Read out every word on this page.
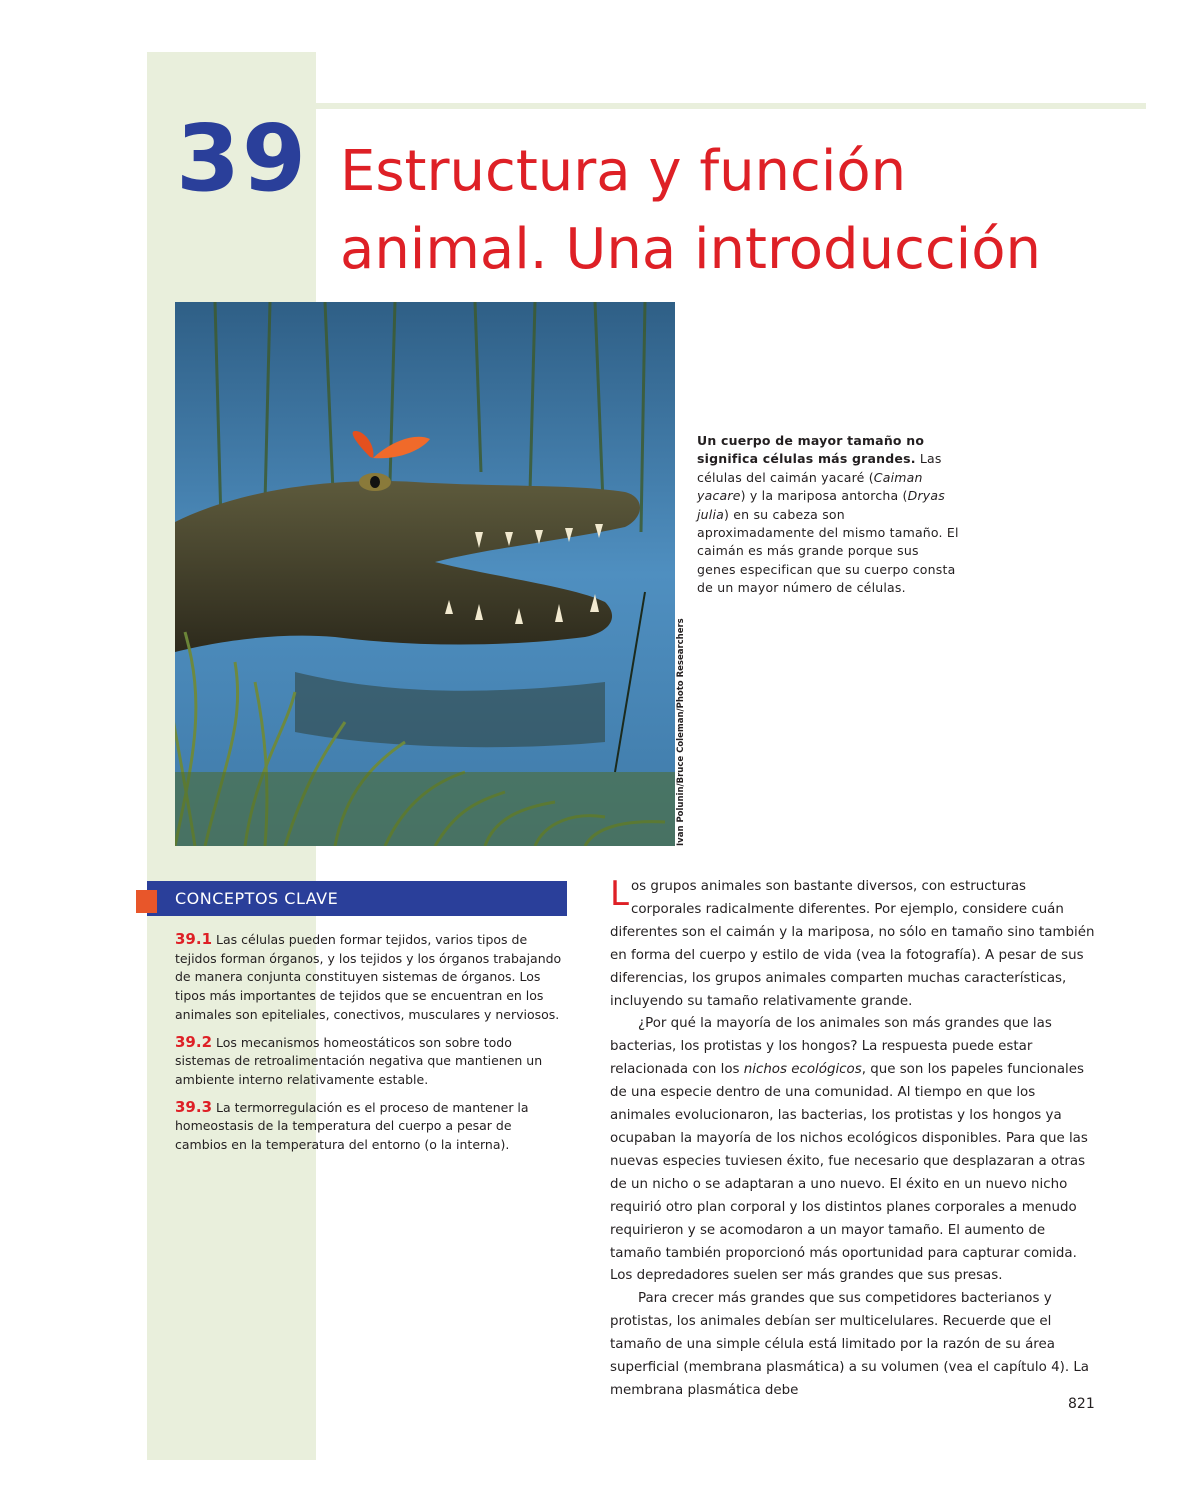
39 Estructura y función
animal. Una introducción
Ivan Polunin/Bruce Coleman/Photo Researchers
Un cuerpo de mayor tamaño no significa células más grandes. Las células del caimán yacaré (Caiman yacare) y la mariposa antorcha (Dryas julia) en su cabeza son aproximadamente del mismo tamaño. El caimán es más grande porque sus genes especifican que su cuerpo consta de un mayor número de células.
CONCEPTOS CLAVE
39.1 Las células pueden formar tejidos, varios tipos de tejidos forman órganos, y los tejidos y los órganos trabajando de manera conjunta constituyen sistemas de órganos. Los tipos más importantes de tejidos que se encuentran en los animales son epiteliales, conectivos, musculares y nerviosos.
39.2 Los mecanismos homeostáticos son sobre todo sistemas de retroalimentación negativa que mantienen un ambiente interno relativamente estable.
39.3 La termorregulación es el proceso de mantener la homeostasis de la temperatura del cuerpo a pesar de cambios en la temperatura del entorno (o la interna).

Los grupos animales son bastante diversos, con estructuras corporales radicalmente diferentes. Por ejemplo, considere cuán diferentes son el caimán y la mariposa, no sólo en tamaño sino también en forma del cuerpo y estilo de vida (vea la fotografía). A pesar de sus diferencias, los grupos animales comparten muchas características, incluyendo su tamaño relativamente grande.

¿Por qué la mayoría de los animales son más grandes que las bacterias, los protistas y los hongos? La respuesta puede estar relacionada con los nichos ecológicos, que son los papeles funcionales de una especie dentro de una comunidad. Al tiempo en que los animales evolucionaron, las bacterias, los protistas y los hongos ya ocupaban la mayoría de los nichos ecológicos disponibles. Para que las nuevas especies tuviesen éxito, fue necesario que desplazaran a otras de un nicho o se adaptaran a uno nuevo. El éxito en un nuevo nicho requirió otro plan corporal y los distintos planes corporales a menudo requirieron y se acomodaron a un mayor tamaño. El aumento de tamaño también proporcionó más oportunidad para capturar comida. Los depredadores suelen ser más grandes que sus presas.

Para crecer más grandes que sus competidores bacterianos y protistas, los animales debían ser multicelulares. Recuerde que el tamaño de una simple célula está limitado por la razón de su área superficial (membrana plasmática) a su volumen (vea el capítulo 4). La membrana plasmática debe

821
